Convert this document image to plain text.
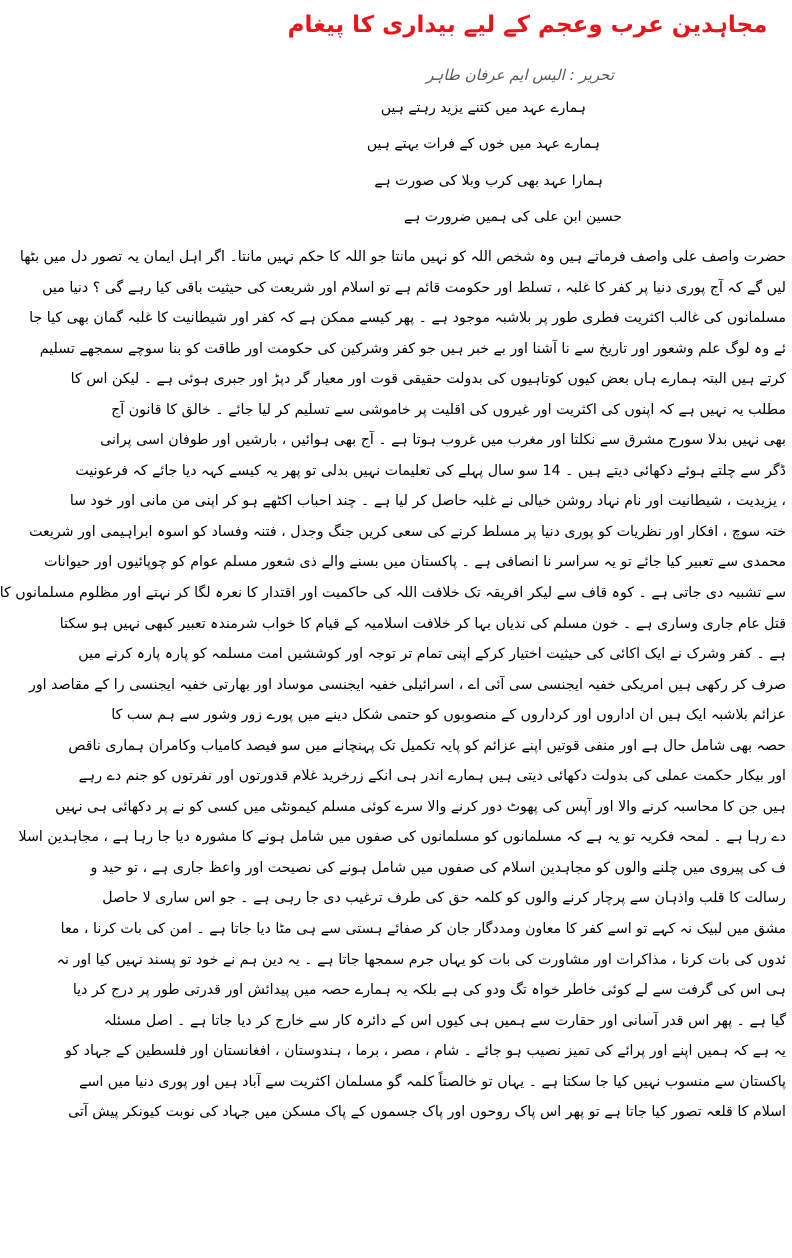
مجاہدین عرب وعجم کے لیے بیداری کا پیغام
تحریر : الیس ایم عرفان طاہر
ہمارے عہد میں کتنے یزید رہتے ہیں
ہمارے عہد میں خوں کے فرات بہتے ہیں
ہمارا عہد بھی کرب وبلا کی صورت ہے
حسین ابن علی کی ہمیں ضرورت ہے
حضرت واصف علی واصف فرماتے ہیں وہ شخص اللہ کو نہیں مانتا جو اللہ کا حکم نہیں مانتا۔ اگر اہل ایمان یہ تصور دل میں بٹھا
لیں گے کہ آج پوری دنیا پر کفر کا غلبہ ، تسلط اور حکومت قائم ہے تو اسلام اور شریعت کی حیثیت باقی کیا رہے گی ؟ دنیا میں
مسلمانوں کی غالب اکثریت فطری طور پر بلاشبہ موجود ہے ۔ پھر کیسے ممکن ہے کہ کفر اور شیطانیت کا غلبہ گمان بھی کیا جا
ئے وہ لوگ علم وشعور اور تاریخ سے نا آشنا اور بے خبر ہیں جو کفر وشرکین کی حکومت اور طاقت کو بنا سوچے سمجھے تسلیم
کرتے ہیں البتہ ہمارے ہاں بعض کیوں کوتاہیوں کی بدولت حقیقی قوت اور معیار گر دپڑ اور جبری ہوئی ہے ۔ لیکن اس کا
مطلب یہ نہیں ہے کہ اپنوں کی اکثریت اور غیروں کی اقلیت پر خاموشی سے تسلیم کر لیا جائے ۔ خالق کا قانون آج
بھی نہیں بدلا سورج مشرق سے نکلتا اور مغرب میں غروب ہوتا ہے ۔ آج بھی ہوائیں ، بارشیں اور طوفان اسی پرانی
ڈگر سے چلتے ہوئے دکھائی دیتے ہیں ۔ 14 سو سال پہلے کی تعلیمات نہیں بدلی تو پھر یہ کیسے کہہ دیا جائے کہ فرعونیت
، یزیدیت ، شیطانیت اور نام نہاد روشن خیالی نے غلبہ حاصل کر لیا ہے ۔ چند احباب اکٹھے ہو کر اپنی من مانی اور خود سا
ختہ سوچ ، افکار اور نظریات کو پوری دنیا پر مسلط کرنے کی سعی کریں جنگ وجدل ، فتنہ وفساد کو اسوہ ابراہیمی اور شریعت
محمدی سے تعبیر کیا جائے تو یہ سراسر نا انصافی ہے ۔ پاکستان میں بسنے والے ذی شعور مسلم عوام کو چوپائیوں اور حیوانات
سے تشبیہ دی جاتی ہے ۔ کوہ قاف سے لیکر افریقہ تک خلافت اللہ کی حاکمیت اور اقتدار کا نعرہ لگا کر نہتے اور مظلوم مسلمانوں کا
قتل عام جاری وساری ہے ۔ خون مسلم کی ندیاں بہا کر خلافت اسلامیہ کے قیام کا خواب شرمندہ تعبیر کبھی نہیں ہو سکتا
ہے ۔ کفر وشرک نے ایک اکائی کی حیثیت اختیار کرکے اپنی تمام تر توجہ اور کوششیں امت مسلمہ کو پارہ پارہ کرنے میں
صرف کر رکھی ہیں امریکی خفیہ ایجنسی سی آئی اے ، اسرائیلی خفیہ ایجنسی موساد اور بھارتی خفیہ ایجنسی را کے مقاصد اور
عزائم بلاشبہ ایک ہیں ان اداروں اور کرداروں کے منصوبوں کو حتمی شکل دینے میں پورے زور وشور سے ہم سب کا
حصہ بھی شامل حال ہے اور منفی قوتیں اپنے عزائم کو پایہ تکمیل تک پہنچانے میں سو فیصد کامیاب وکامران ہماری ناقص
اور بیکار حکمت عملی کی بدولت دکھائی دیتی ہیں ہمارے اندر ہی انکے زرخرید غلام قدورتوں اور نفرتوں کو جنم دے رہے
ہیں جن کا محاسبہ کرنے والا اور آپس کی پھوٹ دور کرنے والا سرے کوئی مسلم کیمونٹی میں کسی کو نے پر دکھائی ہی نہیں
دے رہا ہے ۔ لمحہ فکریہ تو یہ ہے کہ مسلمانوں کو مسلمانوں کی صفوں میں شامل ہونے کا مشورہ دیا جا رہا ہے ، مجاہدین اسلا
ف کی پیروی میں چلنے والوں کو مجاہدین اسلام کی صفوں میں شامل ہونے کی نصیحت اور واعظ جاری ہے ، تو حید و
رسالت کا قلب واذہان سے پرچار کرنے والوں کو کلمہ حق کی طرف ترغیب دی جا رہی ہے ۔ جو اس ساری لا حاصل
مشق میں لبیک نہ کہے تو اسے کفر کا معاون ومددگار جان کر صفائے ہستی سے ہی مٹا دیا جاتا ہے ۔ امن کی بات کرنا ، معا
ئدوں کی بات کرنا ، مذاکرات اور مشاورت کی بات کو یہاں جرم سمجھا جاتا ہے ۔ یہ دین ہم نے خود تو پسند نہیں کیا اور نہ
ہی اس کی گرفت سے لے کوئی خاطر خواہ تگ ودو کی ہے بلکہ یہ ہمارے حصہ میں پیدائش اور قدرتی طور پر درج کر دیا
گیا ہے ۔ پھر اس قدر آسانی اور حقارت سے ہمیں ہی کیوں اس کے دائرہ کار سے خارج کر دیا جاتا ہے ۔ اصل مسئلہ
یہ ہے کہ ہمیں اپنے اور پرائے کی تمیز نصیب ہو جائے ۔ شام ، مصر ، برما ، ہندوستان ، افغانستان اور فلسطین کے جہاد کو
پاکستان سے منسوب نہیں کیا جا سکتا ہے ۔ یہاں تو خالصتاً کلمہ گو مسلمان اکثریت سے آباد ہیں اور پوری دنیا میں اسے
اسلام کا قلعہ تصور کیا جاتا ہے تو پھر اس پاک روحوں اور پاک جسموں کے پاک مسکن میں جہاد کی نوبت کیونکر پیش آتی
